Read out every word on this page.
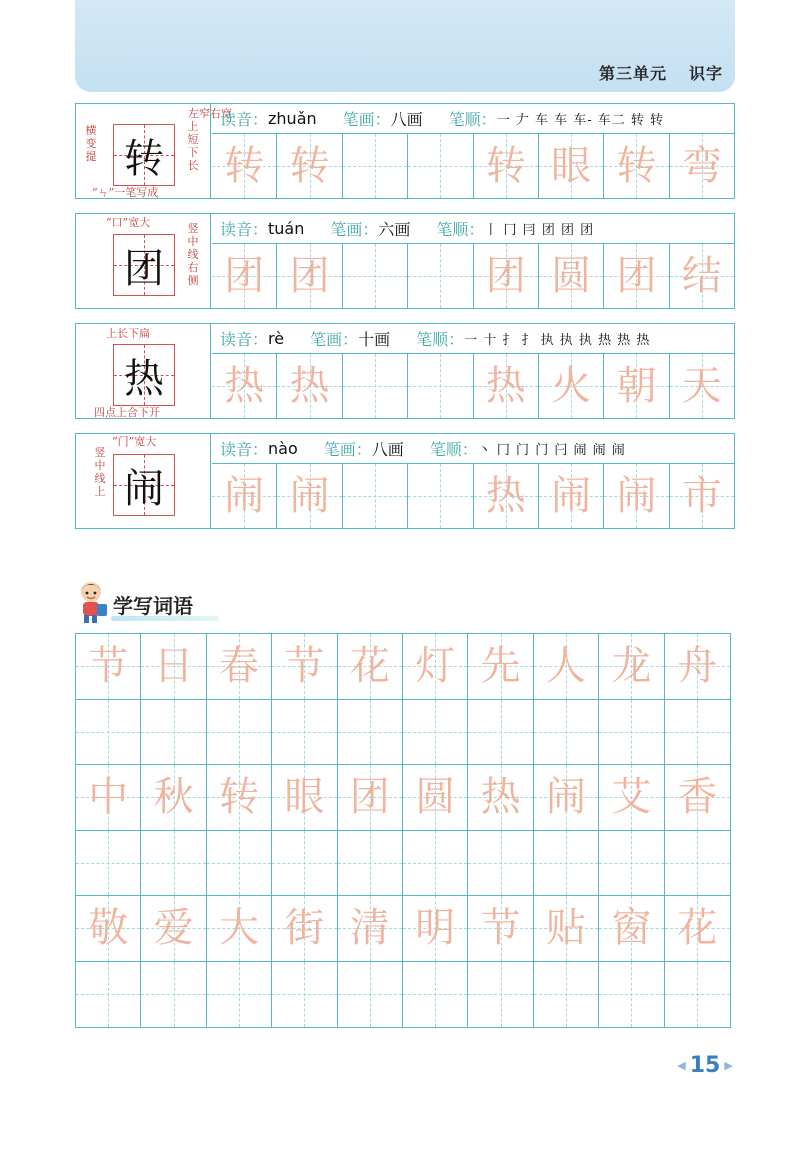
第三单元 识字
转
左窄右宽
横变提
上短下长
“ㄣ”一笔写成
读音： zhuǎn 笔画： 八画 笔顺： 一 𠂇 车 车 车- 车二 转 转
转 转	转 眼 转 弯
团
“口”宽大	竖中线右侧
读音： tuán 笔画： 六画 笔顺： 丨 冂 冃 团 团 团
团 团	团 圆 团 结
热
上长下扁
四点上合下开
读音： rè 笔画： 十画 笔顺： 一 十 扌 扌 执 执 执 热 热 热
热 热	热 火 朝 天
闹
“门”宽大
竖中线上
读音： nào 笔画： 八画 笔顺： 丶 冂 门 门 闩 闹 闹 闹
闹 闹	热 闹 闹 市
学写词语
节 日 春 节 花 灯 先 人 龙 舟
中 秋 转 眼 团 圆 热 闹 艾 香
敬 爱 大 街 清 明 节 贴 窗 花
◀ 15 ▶
